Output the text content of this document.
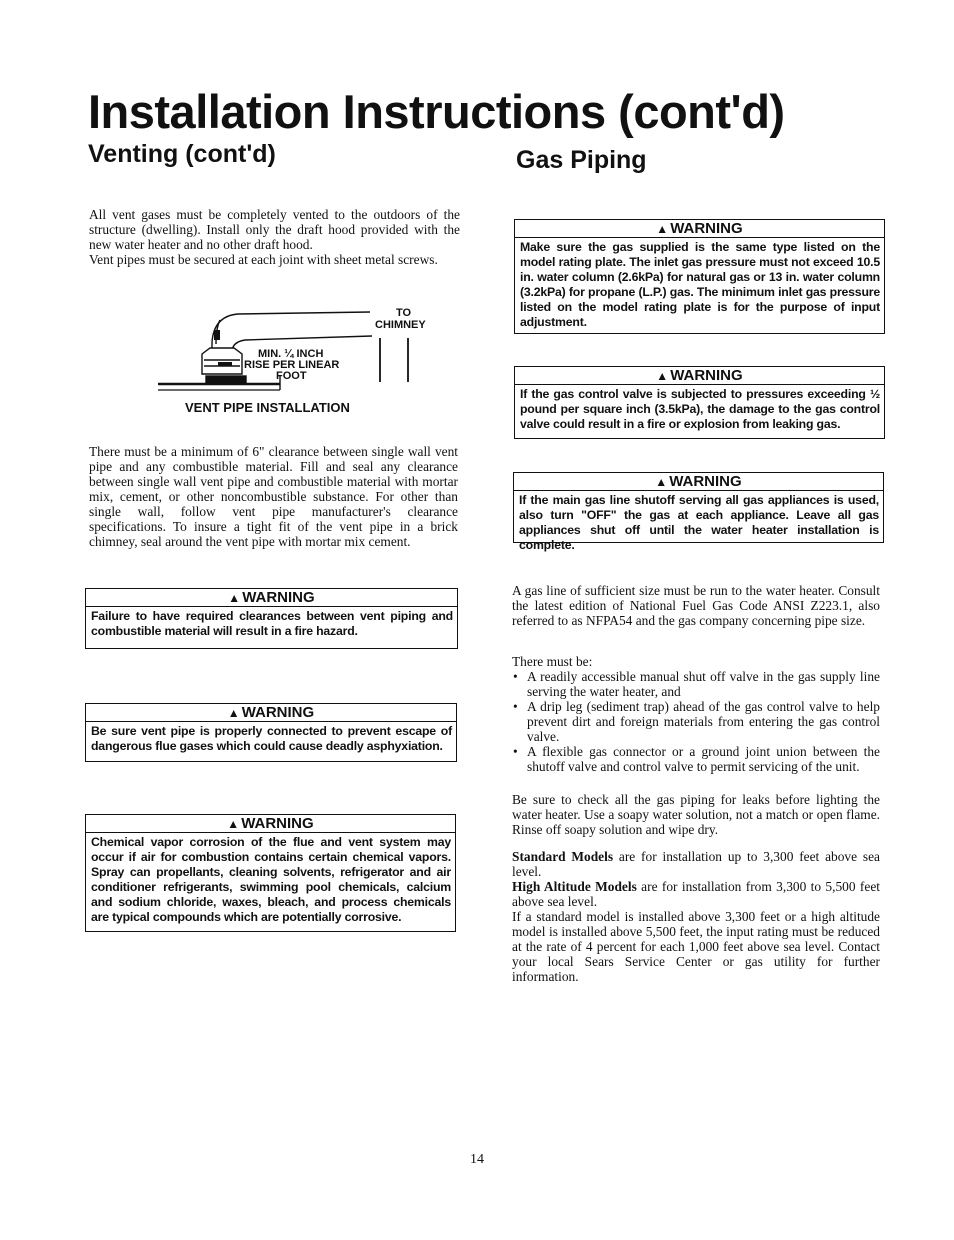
Installation Instructions (cont'd)
Venting (cont'd)	Gas Piping
All vent gases must be completely vented to the outdoors of the structure (dwelling). Install only the draft hood provided with the new water heater and no other draft hood.
Vent pipes must be secured at each joint with sheet metal screws.
TO
CHIMNEY
MIN. ¼ INCH
RISE PER LINEAR
FOOT
VENT PIPE INSTALLATION
There must be a minimum of 6" clearance between single wall vent pipe and any combustible material. Fill and seal any clearance between single wall vent pipe and combustible material with mortar mix, cement, or other noncombustible substance. For other than single wall, follow vent pipe manufacturer's clearance specifications. To insure a tight fit of the vent pipe in a brick chimney, seal around the vent pipe with mortar mix cement.
▲ WARNING
Failure to have required clearances between vent piping and combustible material will result in a fire hazard.
▲ WARNING
Be sure vent pipe is properly connected to prevent escape of dangerous flue gases which could cause deadly asphyxiation.
▲ WARNING
Chemical vapor corrosion of the flue and vent system may occur if air for combustion contains certain chemical vapors. Spray can propellants, cleaning solvents, refrigerator and air conditioner refrigerants, swimming pool chemicals, calcium and sodium chloride, waxes, bleach, and process chemicals are typical compounds which are potentially corrosive.
▲ WARNING
Make sure the gas supplied is the same type listed on the model rating plate. The inlet gas pressure must not exceed 10.5 in. water column (2.6kPa) for natural gas or 13 in. water column (3.2kPa) for propane (L.P.) gas. The minimum inlet gas pressure listed on the model rating plate is for the purpose of input adjustment.
▲ WARNING
If the gas control valve is subjected to pressures exceeding ½ pound per square inch (3.5kPa), the damage to the gas control valve could result in a fire or explosion from leaking gas.
▲ WARNING
If the main gas line shutoff serving all gas appliances is used, also turn "OFF" the gas at each appliance. Leave all gas appliances shut off until the water heater installation is complete.
A gas line of sufficient size must be run to the water heater. Consult the latest edition of National Fuel Gas Code ANSI Z223.1, also referred to as NFPA54 and the gas company concerning pipe size.
There must be:
• A readily accessible manual shut off valve in the gas supply line serving the water heater, and
• A drip leg (sediment trap) ahead of the gas control valve to help prevent dirt and foreign materials from entering the gas control valve.
• A flexible gas connector or a ground joint union between the shutoff valve and control valve to permit servicing of the unit.
Be sure to check all the gas piping for leaks before lighting the water heater. Use a soapy water solution, not a match or open flame. Rinse off soapy solution and wipe dry.
Standard Models are for installation up to 3,300 feet above sea level.
High Altitude Models are for installation from 3,300 to 5,500 feet above sea level.
If a standard model is installed above 3,300 feet or a high altitude model is installed above 5,500 feet, the input rating must be reduced at the rate of 4 percent for each 1,000 feet above sea level. Contact your local Sears Service Center or gas utility for further information.
14
